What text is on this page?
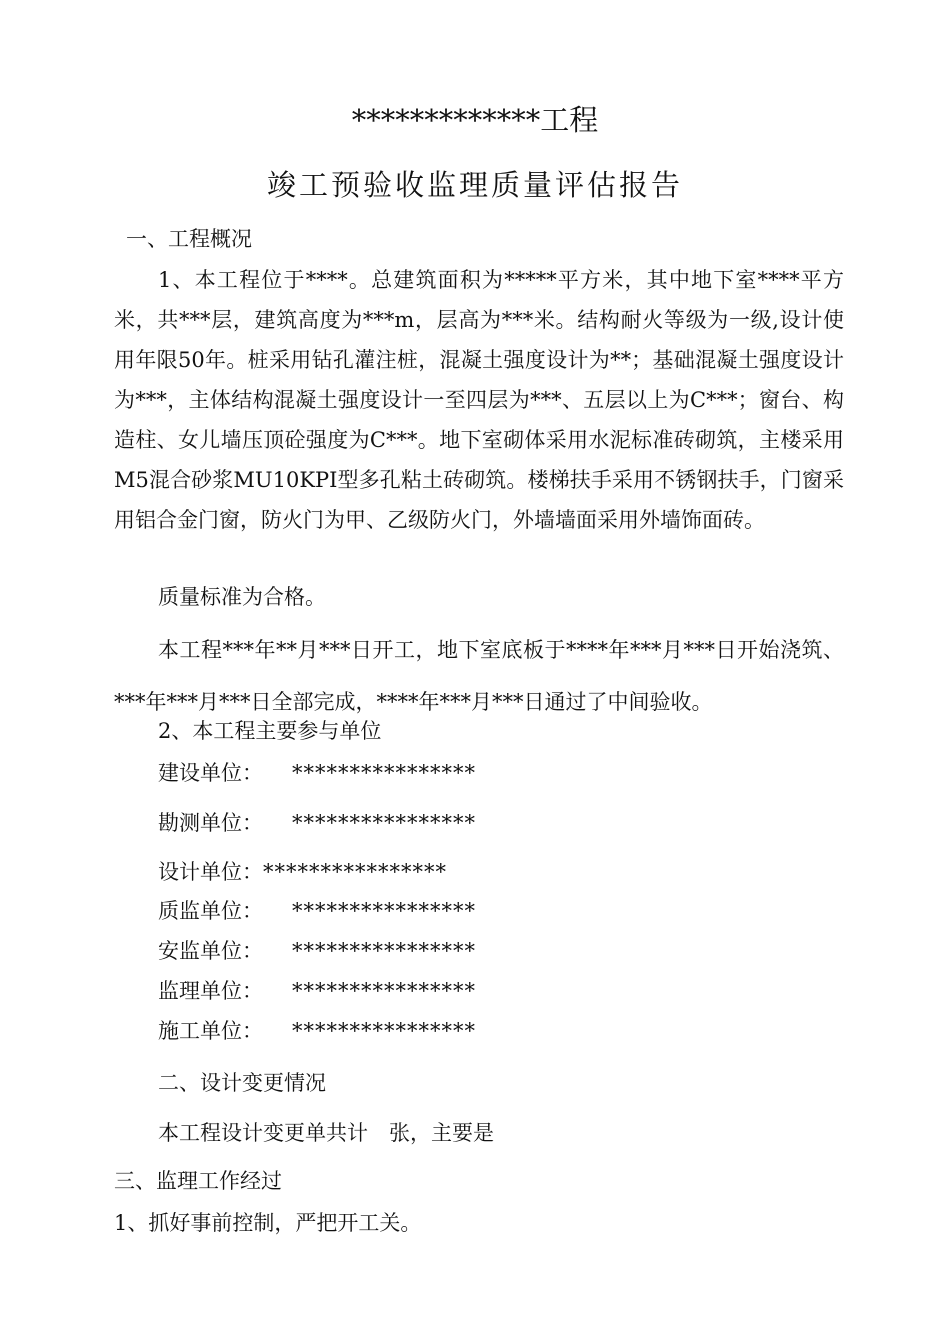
*************工程
竣工预验收监理质量评估报告
一、工程概况
1、本工程位于****。总建筑面积为*****平方米，其中地下室****平方米，共***层，建筑高度为***m，层高为***米。结构耐火等级为一级,设计使用年限50年。桩采用钻孔灌注桩，混凝土强度设计为**；基础混凝土强度设计为***，主体结构混凝土强度设计一至四层为***、五层以上为C***；窗台、构造柱、女儿墙压顶砼强度为C***。地下室砌体采用水泥标准砖砌筑，主楼采用M5混合砂浆MU10KPI型多孔粘土砖砌筑。楼梯扶手采用不锈钢扶手，门窗采用铝合金门窗，防火门为甲、乙级防火门，外墙墙面采用外墙饰面砖。
质量标准为合格。
本工程***年**月***日开工，地下室底板于****年***月***日开始浇筑、***年***月***日全部完成，****年***月***日通过了中间验收。
2、本工程主要参与单位
建设单位： ****************
勘测单位： ****************
设计单位：****************
质监单位： ****************
安监单位： ****************
监理单位： ****************
施工单位： ****************
二、设计变更情况
本工程设计变更单共计　张，主要是
三、监理工作经过
1、抓好事前控制，严把开工关。
